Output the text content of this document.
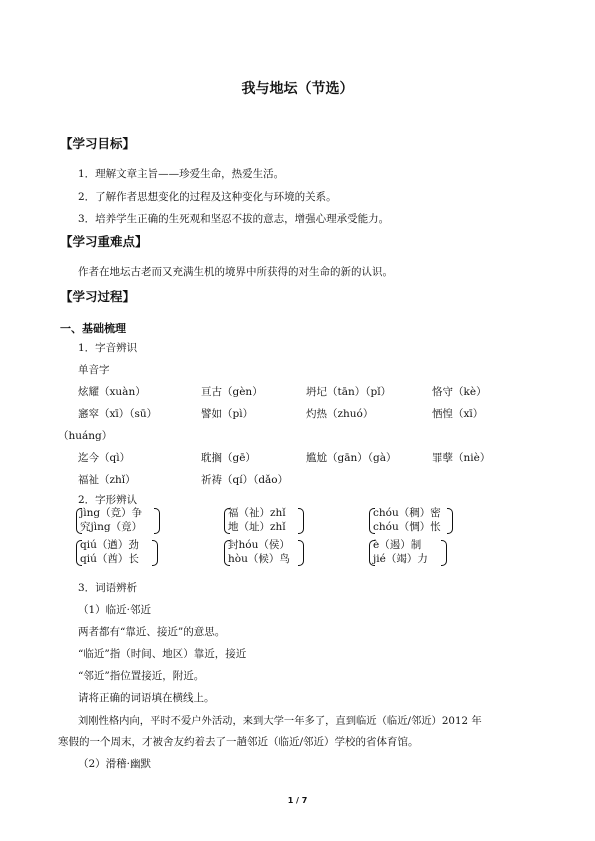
我与地坛（节选）
【学习目标】
1．理解文章主旨——珍爱生命，热爱生活。
2．了解作者思想变化的过程及这种变化与环境的关系。
3．培养学生正确的生死观和坚忍不拔的意志，增强心理承受能力。
【学习重难点】
作者在地坛古老而又充满生机的境界中所获得的对生命的新的认识。
【学习过程】
一、基础梳理
1．字音辨识
单音字
炫耀（xuàn）	亘古（gèn）	坍圮（tān）（pǐ）	恪守（kè）
窸窣（xī）（sū）	譬如（pì）	灼热（zhuó）	恓惶（xī）
（huáng）
迄今（qì）	耽搁（gē）	尴尬（gān）（gà）	罪孽（niè）
福祉（zhǐ）	祈祷（qí）（dǎo）
2．字形辨认
jìng（竞）争
究jìng（竟）
福（祉）zhǐ
地（址）zhǐ
chóu（稠）密
chóu（惆）怅
qiú（遒）劲
qiú（酋）长
封hóu（侯）
hòu（候）鸟
è（遏）制
jié（竭）力
3．词语辨析
（1）临近·邻近
两者都有“靠近、接近”的意思。
“临近”指（时间、地区）靠近，接近
“邻近”指位置接近，附近。
请将正确的词语填在横线上。
刘刚性格内向，平时不爱户外活动，来到大学一年多了，直到临近（临近/邻近）2012 年
寒假的一个周末，才被舍友约着去了一趟邻近（临近/邻近）学校的省体育馆。
（2）滑稽·幽默
1 / 7
